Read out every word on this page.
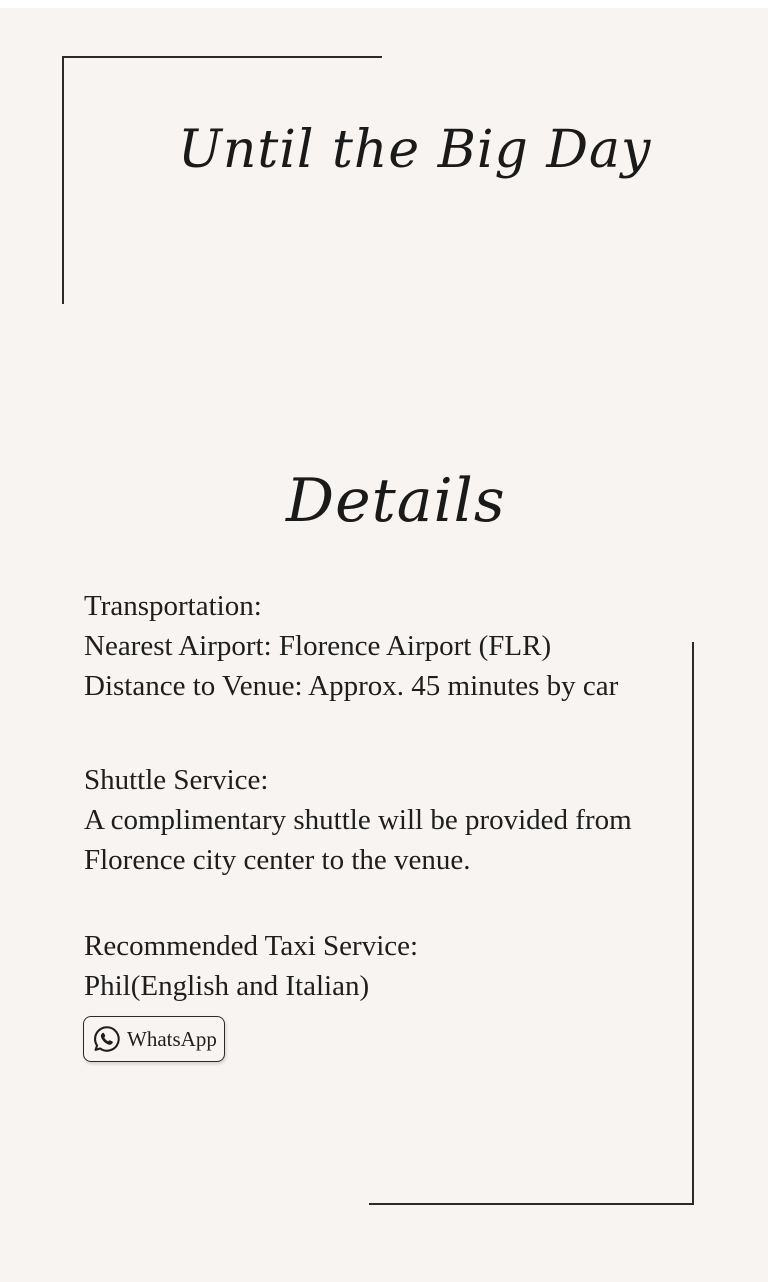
Until the Big Day
Details
Transportation:
Nearest Airport: Florence Airport (FLR)
Distance to Venue: Approx. 45 minutes by car
Shuttle Service:
A complimentary shuttle will be provided from
Florence city center to the venue.
Recommended Taxi Service:
Phil(English and Italian)
WhatsApp
